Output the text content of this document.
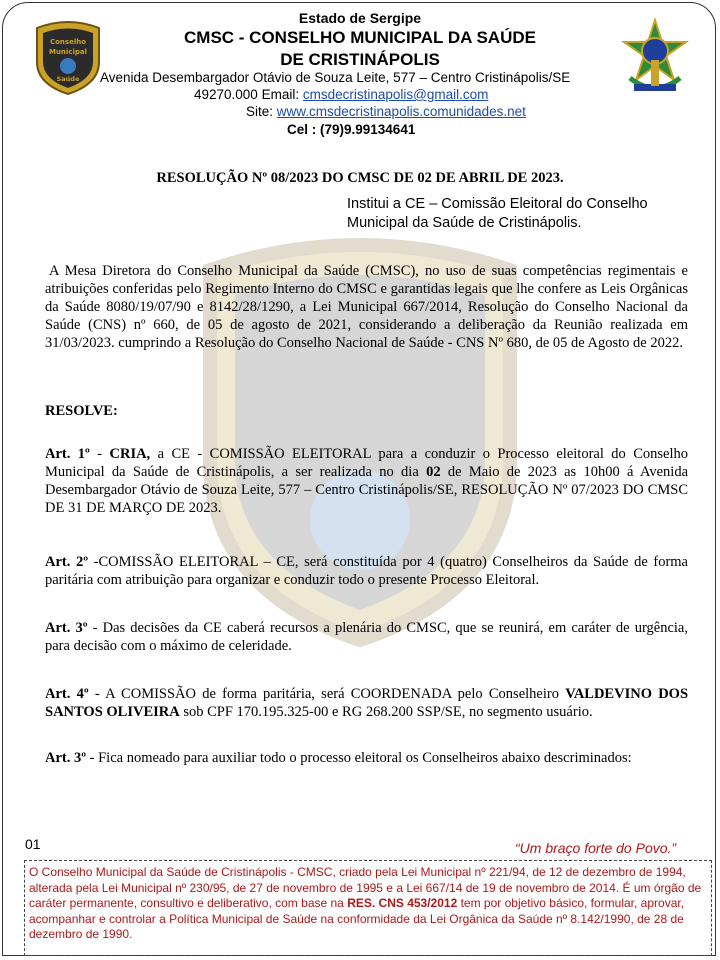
Conselho
Municipal
Saúde
Estado de Sergipe
CMSC - CONSELHO MUNICIPAL DA SAÚDE
DE CRISTINÁPOLIS
Avenida Desembargador Otávio de Souza Leite, 577 – Centro Cristinápolis/SE
49270.000 Email: cmsdecristinapolis@gmail.com
Site: www.cmsdecristinapolis.comunidades.net
Cel : (79)9.99134641
RESOLUÇÃO Nº 08/2023 DO CMSC DE 02 DE ABRIL DE 2023.
Institui a CE – Comissão Eleitoral do Conselho Municipal da Saúde de Cristinápolis.
A Mesa Diretora do Conselho Municipal da Saúde (CMSC), no uso de suas competências regimentais e atribuições conferidas pelo Regimento Interno do CMSC e garantidas legais que lhe confere as Leis Orgânicas da Saúde 8080/19/07/90 e 8142/28/1290, a Lei Municipal 667/2014, Resolução do Conselho Nacional da Saúde (CNS) nº 660, de 05 de agosto de 2021, considerando a deliberação da Reunião realizada em 31/03/2023. cumprindo a Resolução do Conselho Nacional de Saúde - CNS Nº 680, de 05 de Agosto de 2022.
RESOLVE:
Art. 1º - CRIA, a CE - COMISSÃO ELEITORAL para a conduzir o Processo eleitoral do Conselho Municipal da Saúde de Cristinápolis, a ser realizada no dia 02 de Maio de 2023 as 10h00 á Avenida Desembargador Otávio de Souza Leite, 577 – Centro Cristinápolis/SE, RESOLUÇÃO Nº 07/2023 DO CMSC DE 31 DE MARÇO DE 2023.
Art. 2º -COMISSÃO ELEITORAL – CE, será constituída por 4 (quatro) Conselheiros da Saúde de forma paritária com atribuição para organizar e conduzir todo o presente Processo Eleitoral.
Art. 3º - Das decisões da CE caberá recursos a plenária do CMSC, que se reunirá, em caráter de urgência, para decisão com o máximo de celeridade.
Art. 4º - A COMISSÃO de forma paritária, será COORDENADA pelo Conselheiro VALDEVINO DOS SANTOS OLIVEIRA sob CPF 170.195.325-00 e RG 268.200 SSP/SE, no segmento usuário.
Art. 3º - Fica nomeado para auxiliar todo o processo eleitoral os Conselheiros abaixo descriminados:
01	“Um braço forte do Povo.”
O Conselho Municipal da Saúde de Cristinápolis - CMSC, criado pela Lei Municipal nº 221/94, de 12 de dezembro de 1994, alterada pela Lei Municipal nº 230/95, de 27 de novembro de 1995 e a Lei 667/14 de 19 de novembro de 2014. É um órgão de caráter permanente, consultivo e deliberativo, com base na RES. CNS 453/2012 tem por objetivo básico, formular, aprovar, acompanhar e controlar a Política Municipal de Saúde na conformidade da Lei Orgânica da Saúde nº 8.142/1990, de 28 de dezembro de 1990.
